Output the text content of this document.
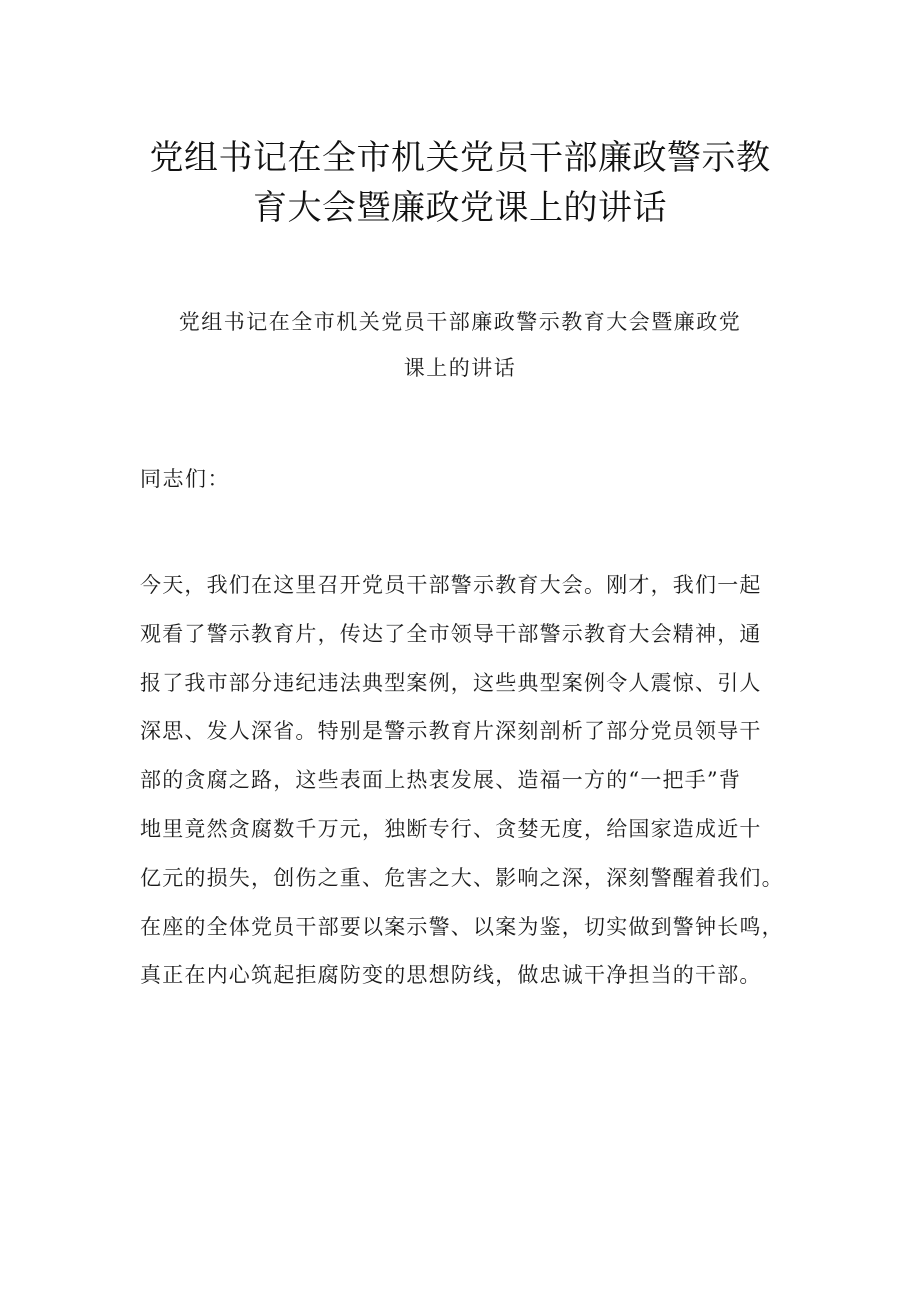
党组书记在全市机关党员干部廉政警示教
育大会暨廉政党课上的讲话

党组书记在全市机关党员干部廉政警示教育大会暨廉政党

课上的讲话

同志们：

今天，我们在这里召开党员干部警示教育大会。刚才，我们一起
观看了警示教育片，传达了全市领导干部警示教育大会精神，通
报了我市部分违纪违法典型案例，这些典型案例令人震惊、引人
深思、发人深省。特别是警示教育片深刻剖析了部分党员领导干
部的贪腐之路，这些表面上热衷发展、造福一方的“一把手”背
地里竟然贪腐数千万元，独断专行、贪婪无度，给国家造成近十
亿元的损失，创伤之重、危害之大、影响之深，深刻警醒着我们。
在座的全体党员干部要以案示警、以案为鉴，切实做到警钟长鸣，
真正在内心筑起拒腐防变的思想防线，做忠诚干净担当的干部。
